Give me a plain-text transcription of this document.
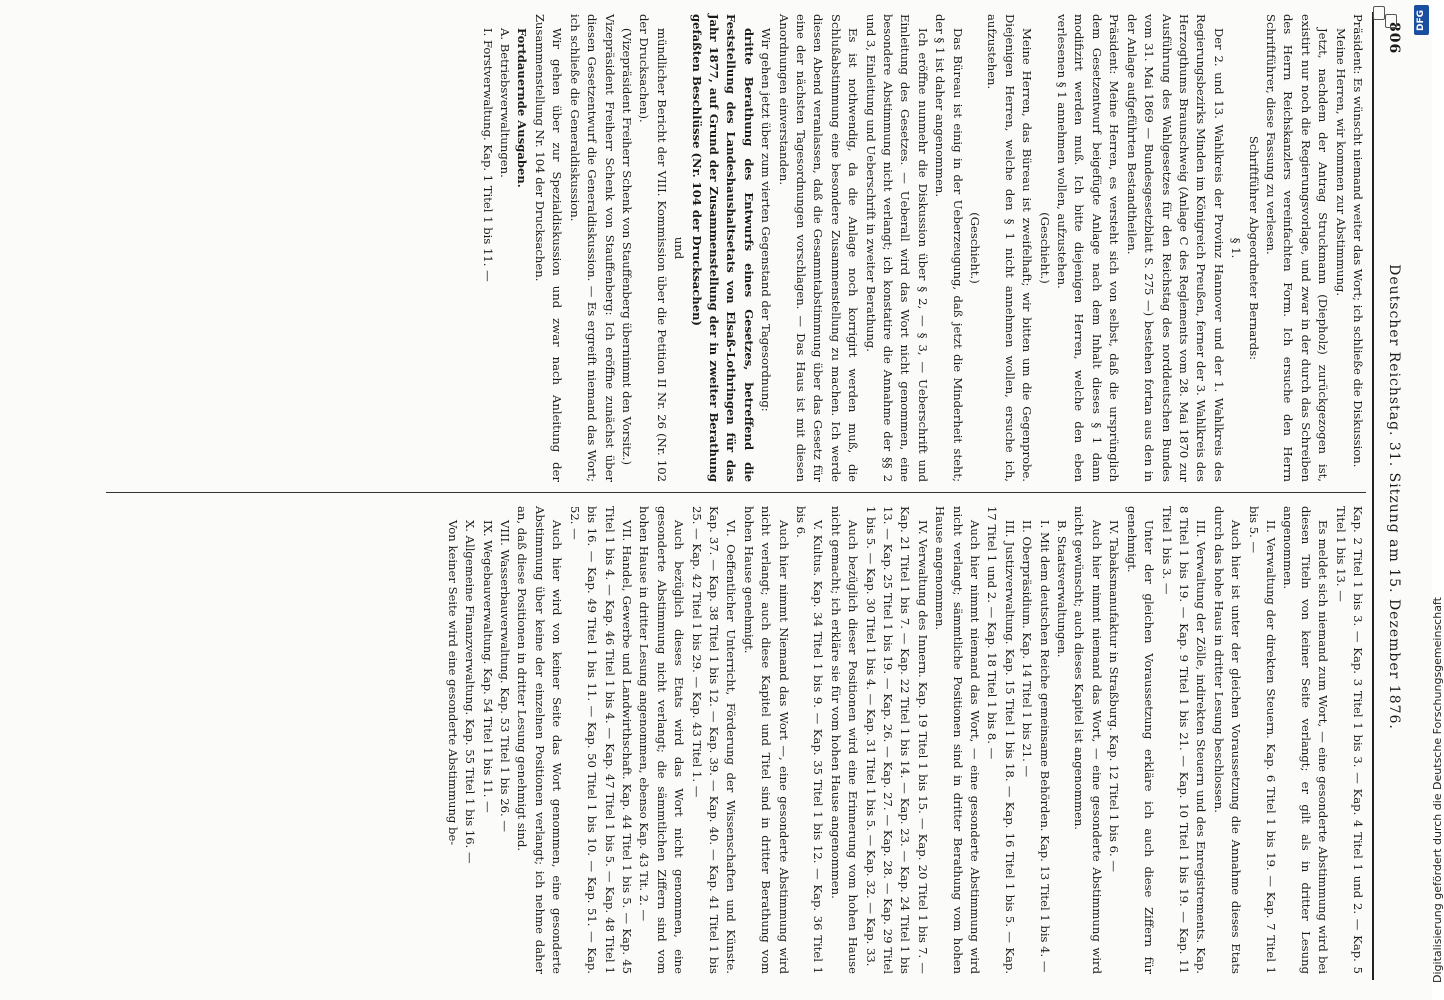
806
Deutscher Reichstag. 31. Sitzung am 15. Dezember 1876.

Präsident: Es wünscht niemand weiter das Wort; ich schließe die Diskussion.

Meine Herren, wir kommen zur Abstimmung.

Jetzt, nachdem der Antrag Struckmann (Diepholz) zurückgezogen ist, existirt nur noch die Regierungsvorlage, und zwar in der durch das Schreiben des Herrn Reichskanzlers vereinfachten Form. Ich ersuche den Herrn Schriftführer, diese Fassung zu verlesen.

Schriftführer Abgeordneter Bernards:

§ 1.

Der 2. und 13. Wahlkreis der Provinz Hannover und der 1. Wahlkreis des Regierungsbezirks Minden im Königreich Preußen, ferner der 3. Wahlkreis des Herzogthums Braunschweig (Anlage C des Reglements vom 28. Mai 1870 zur Ausführung des Wahlgesetzes für den Reichstag des norddeutschen Bundes vom 31. Mai 1869 — Bundesgesetzblatt S. 275 —) bestehen fortan aus den in der Anlage aufgeführten Bestandtheilen.

Präsident: Meine Herren, es versteht sich von selbst, daß die ursprünglich dem Gesetzentwurf beigefügte Anlage nach dem Inhalt dieses § 1 dann modifizirt werden muß. Ich bitte diejenigen Herren, welche den eben verlesenen § 1 annehmen wollen, aufzustehen.

(Geschieht.)

Meine Herren, das Büreau ist zweifelhaft; wir bitten um die Gegenprobe. Diejenigen Herren, welche den § 1 nicht annehmen wollen, ersuche ich, aufzustehen.

(Geschieht.)

Das Büreau ist einig in der Ueberzeugung, daß jetzt die Minderheit steht; der § 1 ist daher angenommen.

Ich eröffne nunmehr die Diskussion über § 2, — § 3, — Ueberschrift und Einleitung des Gesetzes. — Ueberall wird das Wort nicht genommen, eine besondere Abstimmung nicht verlangt; ich konstatire die Annahme der §§ 2 und 3, Einleitung und Ueberschrift in zweiter Berathung.

Es ist nothwendig, da die Anlage noch korrigirt werden muß, die Schlußabstimmung eine besondere Zusammenstellung zu machen. Ich werde diesen Abend veranlassen, daß die Gesammtabstimmung über das Gesetz für eine der nächsten Tagesordnungen vorschlagen. — Das Haus ist mit diesen Anordnungen einverstanden.

Wir gehen jetzt über zum vierten Gegenstand der Tagesordnung:

dritte Berathung des Entwurfs eines Gesetzes, betreffend die Feststellung des Landeshaushaltsetats von Elsaß-Lothringen für das Jahr 1877, auf Grund der Zusammenstellung der in zweiter Berathung gefaßten Beschlüsse (Nr. 104 der Drucksachen)

und

mündlicher Bericht der VIII. Kommission über die Petition II Nr. 26 (Nr. 102 der Drucksachen).

(Vizepräsident Freiherr Schenk von Stauffenberg übernimmt den Vorsitz.)

Vizepräsident Freiherr Schenk von Stauffenberg: Ich eröffne zunächst über diesen Gesetzentwurf die Generaldiskussion. — Es ergreift niemand das Wort; ich schließe die Generaldiskussion.

Wir gehen über zur Spezialdiskussion und zwar nach Anleitung der Zusammenstellung Nr. 104 der Drucksachen.

Fortdauernde Ausgaben.

A. Betriebsverwaltungen.

I. Forstverwaltung. Kap. 1 Titel 1 bis 11. —

Kap. 2 Titel 1 bis 3. — Kap. 3 Titel 1 bis 3. — Kap. 4 Titel 1 und 2. — Kap. 5 Titel 1 bis 13. —

Es meldet sich niemand zum Wort, — eine gesonderte Abstimmung wird bei diesen Titeln von keiner Seite verlangt; er gilt als in dritter Lesung angenommen.

II. Verwaltung der direkten Steuern. Kap. 6 Titel 1 bis 19. — Kap. 7 Titel 1 bis 5. —

Auch hier ist unter der gleichen Voraussetzung die Annahme dieses Etats durch das hohe Haus in dritter Lesung beschlossen.

III. Verwaltung der Zölle, indirekten Steuern und des Enregistrements. Kap. 8 Titel 1 bis 19. — Kap. 9 Titel 1 bis 21. — Kap. 10 Titel 1 bis 19. — Kap. 11 Titel 1 bis 3. —

Unter der gleichen Voraussetzung erkläre ich auch diese Ziffern für genehmigt.

IV. Tabaksmanufaktur in Straßburg. Kap. 12 Titel 1 bis 6. —

Auch hier nimmt niemand das Wort, — eine gesonderte Abstimmung wird nicht gewünscht; auch dieses Kapitel ist angenommen.

B. Staatsverwaltungen.

I. Mit dem deutschen Reiche gemeinsame Behörden. Kap. 13 Titel 1 bis 4. —

II. Oberpräsidium. Kap. 14 Titel 1 bis 21. —

III. Justizverwaltung. Kap. 15 Titel 1 bis 18. — Kap. 16 Titel 1 bis 5. — Kap. 17 Titel 1 und 2. — Kap. 18 Titel 1 bis 8. —

Auch hier nimmt niemand das Wort, — eine gesonderte Abstimmung wird nicht verlangt; sämmtliche Positionen sind in dritter Berathung vom hohen Hause angenommen.

IV. Verwaltung des Innern. Kap. 19 Titel 1 bis 15. — Kap. 20 Titel 1 bis 7. — Kap. 21 Titel 1 bis 7. — Kap. 22 Titel 1 bis 14. — Kap. 23. — Kap. 24 Titel 1 bis 13. — Kap. 25 Titel 1 bis 19. — Kap. 26. — Kap. 27. — Kap. 28. — Kap. 29 Titel 1 bis 5. — Kap. 30 Titel 1 bis 4. — Kap. 31 Titel 1 bis 5. — Kap. 32. — Kap. 33.

Auch bezüglich dieser Positionen wird eine Erinnerung vom hohen Hause nicht gemacht; ich erkläre sie für vom hohen Hause angenommen.

V. Kultus. Kap. 34 Titel 1 bis 9. — Kap. 35 Titel 1 bis 12. — Kap. 36 Titel 1 bis 6.

Auch hier nimmt Niemand das Wort —, eine gesonderte Abstimmung wird nicht verlangt; auch diese Kapitel und Titel sind in dritter Berathung vom hohen Hause genehmigt.

VI. Oeffentlicher Unterricht, Förderung der Wissenschaften und Künste. Kap. 37. — Kap. 38 Titel 1 bis 12. — Kap. 39. — Kap. 40. — Kap. 41 Titel 1 bis 25. — Kap. 42 Titel 1 bis 29. — Kap. 43 Titel 1. —

Auch bezüglich dieses Etats wird das Wort nicht genommen, eine gesonderte Abstimmung nicht verlangt; die sämmtlichen Ziffern sind vom hohen Hause in dritter Lesung angenommen, ebenso Kap. 43 Tit. 2. —

VII. Handel, Gewerbe und Landwirthschaft. Kap. 44 Titel 1 bis 5. — Kap. 45 Titel 1 bis 4. — Kap. 46 Titel 1 bis 4. — Kap. 47 Titel 1 bis 5. — Kap. 48 Titel 1 bis 16. — Kap. 49 Titel 1 bis 11. — Kap. 50 Titel 1 bis 10. — Kap. 51. — Kap. 52. —

Auch hier wird von keiner Seite das Wort genommen, eine gesonderte Abstimmung über keine der einzelnen Positionen verlangt; ich nehme daher an, daß diese Positionen in dritter Lesung genehmigt sind.

VIII. Wasserbauverwaltung. Kap. 53 Titel 1 bis 26. —

IX. Wegebauverwaltung. Kap. 54 Titel 1 bis 11. —

X. Allgemeine Finanzverwaltung. Kap. 55 Titel 1 bis 16. —

Von keiner Seite wird eine gesonderte Abstimmung be-

DFG
Digitalisierung gefördert durch die Deutsche Forschungsgemeinschaft
